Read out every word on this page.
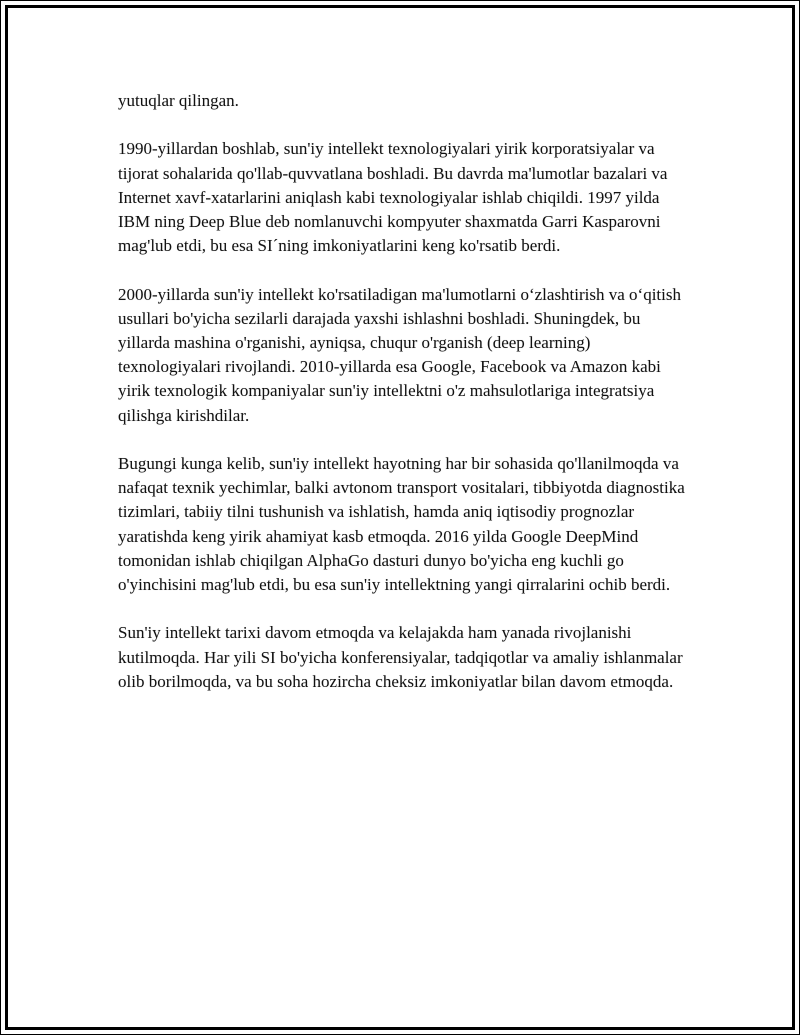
yutuqlar qilingan.

1990-yillardan boshlab, sun'iy intellekt texnologiyalari yirik korporatsiyalar va tijorat sohalarida qo'llab-quvvatlana boshladi. Bu davrda ma'lumotlar bazalari va Internet xavf-xatarlarini aniqlash kabi texnologiyalar ishlab chiqildi. 1997 yilda IBM ning Deep Blue deb nomlanuvchi kompyuter shaxmatda Garri Kasparovni mag'lub etdi, bu esa SI´ning imkoniyatlarini keng ko'rsatib berdi.

2000-yillarda sun'iy intellekt ko'rsatiladigan ma'lumotlarni o‘zlashtirish va o‘qitish usullari bo'yicha sezilarli darajada yaxshi ishlashni boshladi. Shuningdek, bu yillarda mashina o'rganishi, ayniqsa, chuqur o'rganish (deep learning) texnologiyalari rivojlandi. 2010-yillarda esa Google, Facebook va Amazon kabi yirik texnologik kompaniyalar sun'iy intellektni o'z mahsulotlariga integratsiya qilishga kirishdilar.

Bugungi kunga kelib, sun'iy intellekt hayotning har bir sohasida qo'llanilmoqda va nafaqat texnik yechimlar, balki avtonom transport vositalari, tibbiyotda diagnostika tizimlari, tabiiy tilni tushunish va ishlatish, hamda aniq iqtisodiy prognozlar yaratishda keng yirik ahamiyat kasb etmoqda. 2016 yilda Google DeepMind tomonidan ishlab chiqilgan AlphaGo dasturi dunyo bo'yicha eng kuchli go o'yinchisini mag'lub etdi, bu esa sun'iy intellektning yangi qirralarini ochib berdi.

Sun'iy intellekt tarixi davom etmoqda va kelajakda ham yanada rivojlanishi kutilmoqda. Har yili SI bo'yicha konferensiyalar, tadqiqotlar va amaliy ishlanmalar olib borilmoqda, va bu soha hozircha cheksiz imkoniyatlar bilan davom etmoqda.
